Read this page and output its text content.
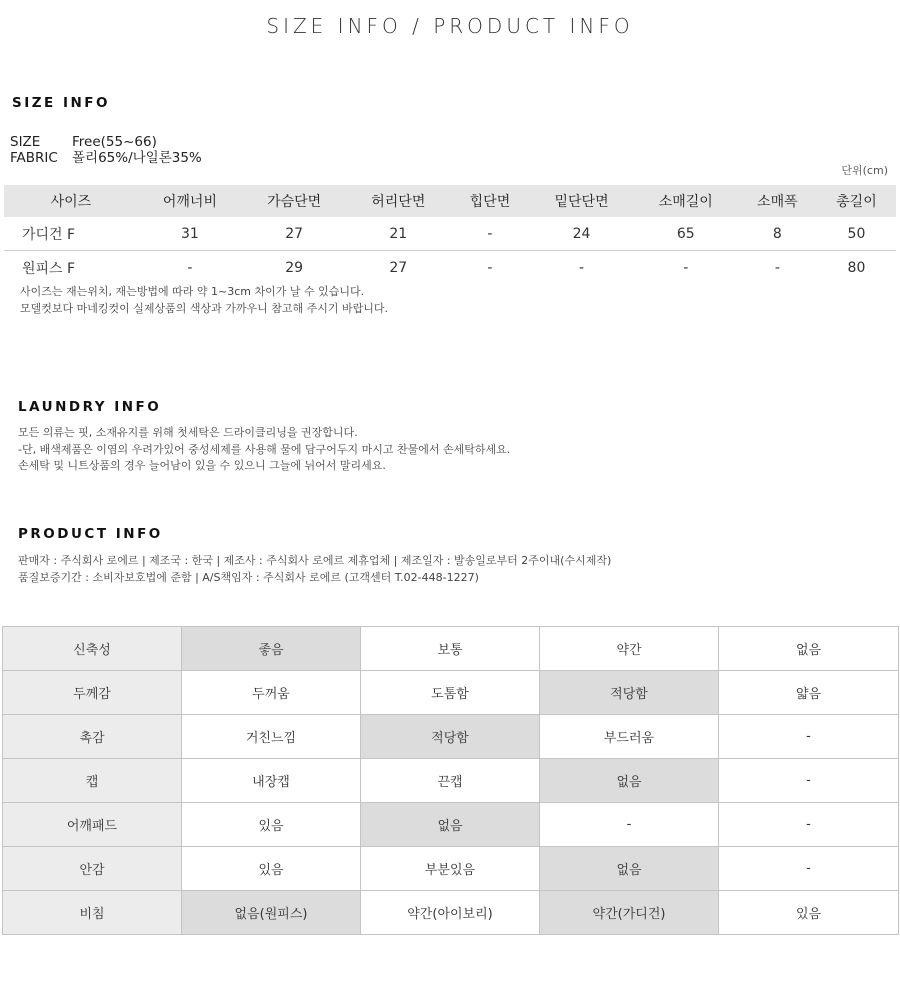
SIZE INFO / PRODUCT INFO
SIZE INFO
SIZE Free(55~66)
FABRIC 폴리65%/나일론35%
단위(cm)
사이즈	어깨너비	가슴단면	허리단면	힙단면	밑단단면	소매길이	소매폭	총길이
가디건 F	31	27	21	-	24	65	8	50
원피스 F	-	29	27	-	-	-	-	80
사이즈는 재는위치, 재는방법에 따라 약 1~3cm 차이가 날 수 있습니다.
모델컷보다 마네킹컷이 실제상품의 색상과 가까우니 참고해 주시기 바랍니다.
LAUNDRY INFO
모든 의류는 핏, 소재유지를 위해 첫세탁은 드라이클리닝을 권장합니다.
-단, 배색제품은 이염의 우려가있어 중성세제를 사용해 물에 담구어두지 마시고 찬물에서 손세탁하세요.
손세탁 및 니트상품의 경우 늘어남이 있을 수 있으니 그늘에 뉘어서 말리세요.
PRODUCT INFO
판매자 : 주식회사 로에르 | 제조국 : 한국 | 제조사 : 주식회사 로에르 제휴업체 | 제조일자 : 발송일로부터 2주이내(수시제작)
품질보증기간 : 소비자보호법에 준함 | A/S책임자 : 주식회사 로에르 (고객센터 T.02-448-1227)
신축성	좋음	보통	약간	없음
두께감	두꺼움	도톰함	적당함	얇음
촉감	거친느낌	적당함	부드러움	-
캡	내장캡	끈캡	없음	-
어깨패드	있음	없음	-	-
안감	있음	부분있음	없음	-
비침	없음(원피스)	약간(아이보리)	약간(가디건)	있음
